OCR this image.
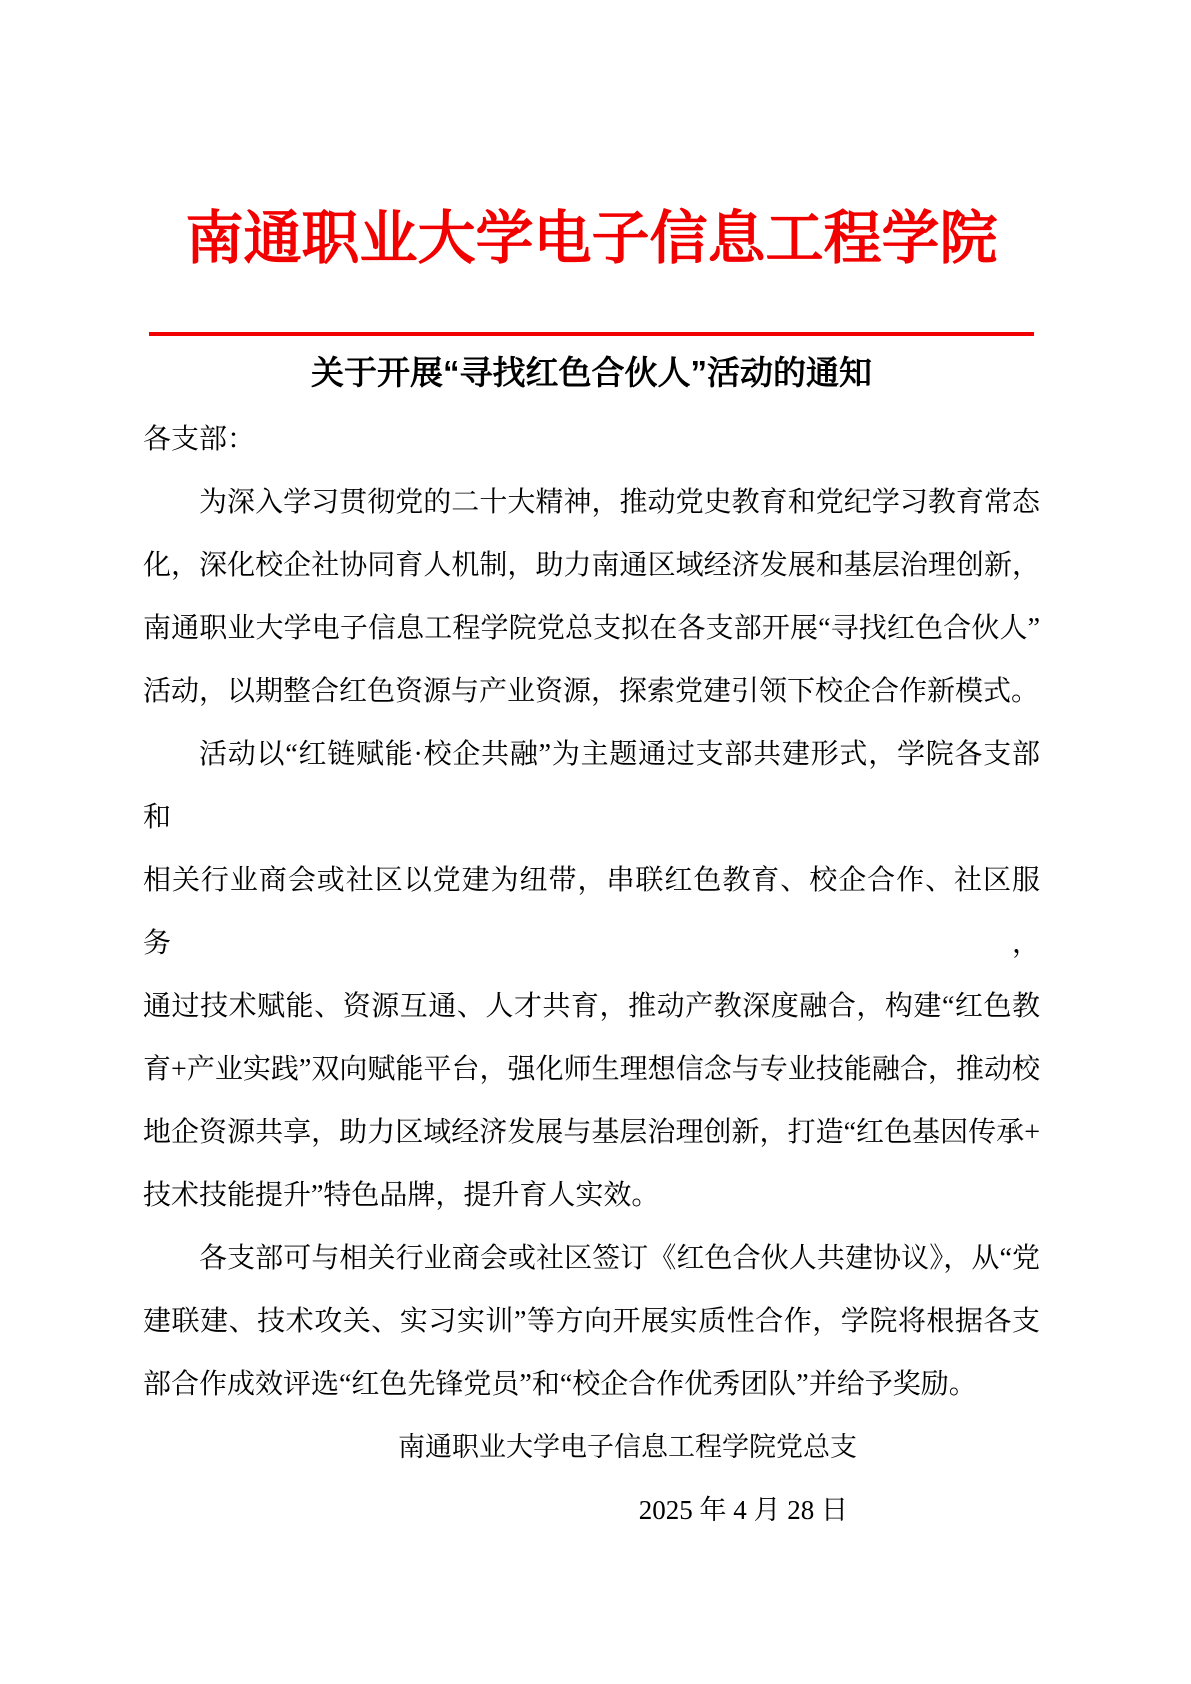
南通职业大学电子信息工程学院
关于开展“寻找红色合伙人”活动的通知
各支部：
为深入学习贯彻党的二十大精神，推动党史教育和党纪学习教育常态
化，深化校企社协同育人机制，助力南通区域经济发展和基层治理创新，
南通职业大学电子信息工程学院党总支拟在各支部开展“寻找红色合伙人”
活动，以期整合红色资源与产业资源，探索党建引领下校企合作新模式。
活动以“红链赋能·校企共融”为主题通过支部共建形式，学院各支部和
相关行业商会或社区以党建为纽带，串联红色教育、校企合作、社区服务，
通过技术赋能、资源互通、人才共育，推动产教深度融合，构建“红色教
育+产业实践”双向赋能平台，强化师生理想信念与专业技能融合，推动校
地企资源共享，助力区域经济发展与基层治理创新，打造“红色基因传承+
技术技能提升”特色品牌，提升育人实效。
各支部可与相关行业商会或社区签订《红色合伙人共建协议》，从“党
建联建、技术攻关、实习实训”等方向开展实质性合作，学院将根据各支
部合作成效评选“红色先锋党员”和“校企合作优秀团队”并给予奖励。
南通职业大学电子信息工程学院党总支
2025 年 4 月 28 日
